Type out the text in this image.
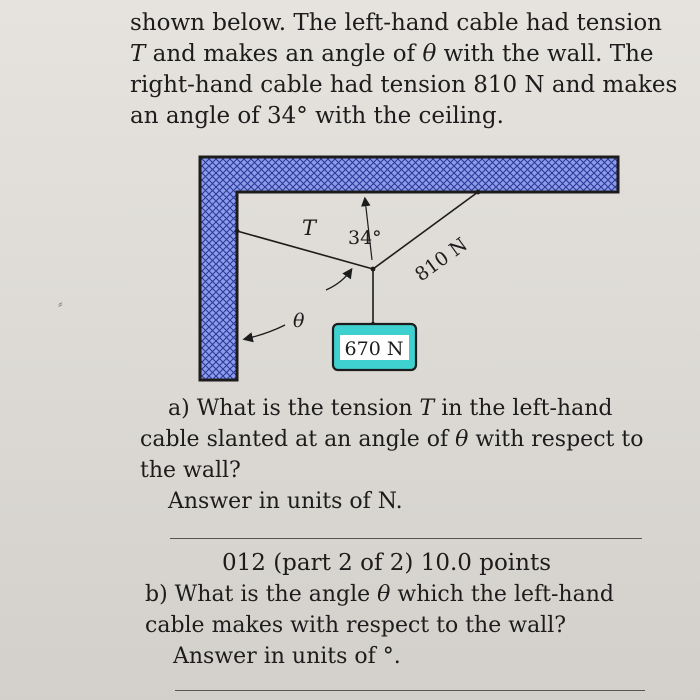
shown below. The left-hand cable had tension

T and makes an angle of θ with the wall. The

right-hand cable had tension 810 N and makes

an angle of 34° with the ceiling.

T 34° 810 N
θ
670 N
⸗

a) What is the tension T in the left-hand

cable slanted at an angle of θ with respect to

the wall?

Answer in units of N.

012 (part 2 of 2) 10.0 points

b) What is the angle θ which the left-hand

cable makes with respect to the wall?

Answer in units of °.
